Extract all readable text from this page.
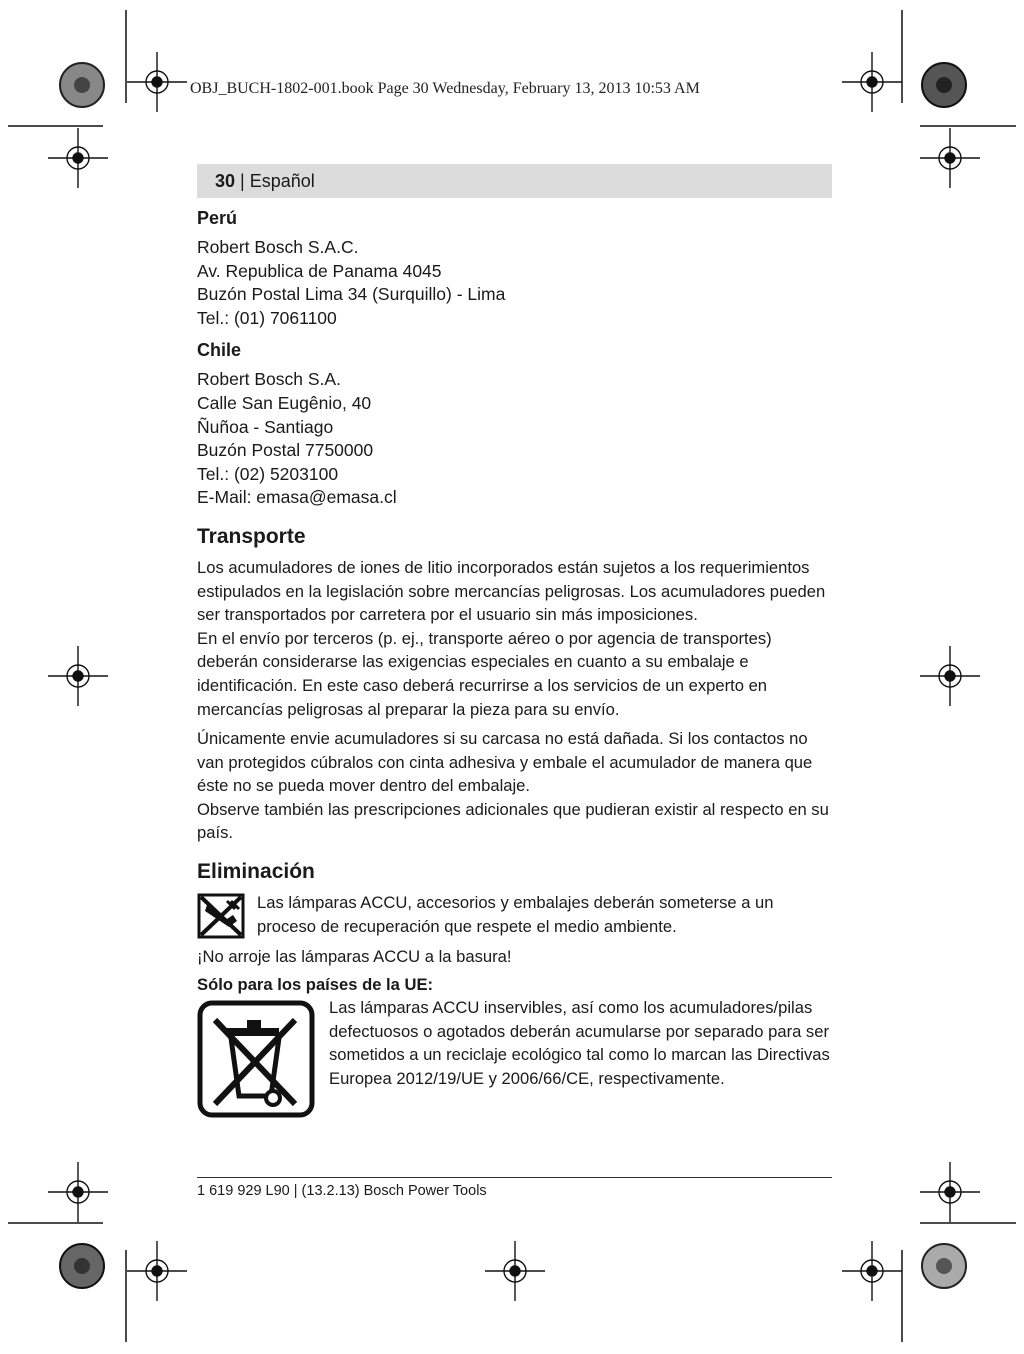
OBJ_BUCH-1802-001.book Page 30 Wednesday, February 13, 2013 10:53 AM
30 | Español
Perú
Robert Bosch S.A.C.
Av. Republica de Panama 4045
Buzón Postal Lima 34 (Surquillo) - Lima
Tel.: (01) 7061100
Chile
Robert Bosch S.A.
Calle San Eugênio, 40
Ñuñoa - Santiago
Buzón Postal 7750000
Tel.: (02) 5203100
E-Mail: emasa@emasa.cl
Transporte

Los acumuladores de iones de litio incorporados están sujetos a los requerimientos estipulados en la legislación sobre mercancías peligrosas. Los acumuladores pueden ser transportados por carretera por el usuario sin más imposiciones.

En el envío por terceros (p. ej., transporte aéreo o por agencia de transportes) deberán considerarse las exigencias especiales en cuanto a su embalaje e identificación. En este caso deberá recurrirse a los servicios de un experto en mercancías peligrosas al preparar la pieza para su envío.

Únicamente envie acumuladores si su carcasa no está dañada. Si los contactos no van protegidos cúbralos con cinta adhesiva y embale el acumulador de manera que éste no se pueda mover dentro del embalaje.

Observe también las prescripciones adicionales que pudieran existir al respecto en su país.

Eliminación

Las lámparas ACCU, accesorios y embalajes deberán someterse a un proceso de recuperación que respete el medio ambiente.

¡No arroje las lámparas ACCU a la basura!

Sólo para los países de la UE:

Las lámparas ACCU inservibles, así como los acumuladores/pilas defectuosos o agotados deberán acumularse por separado para ser sometidos a un reciclaje ecológico tal como lo marcan las Directivas Europea 2012/19/UE y 2006/66/CE, respectivamente.

1 619 929 L90 | (13.2.13) Bosch Power Tools
